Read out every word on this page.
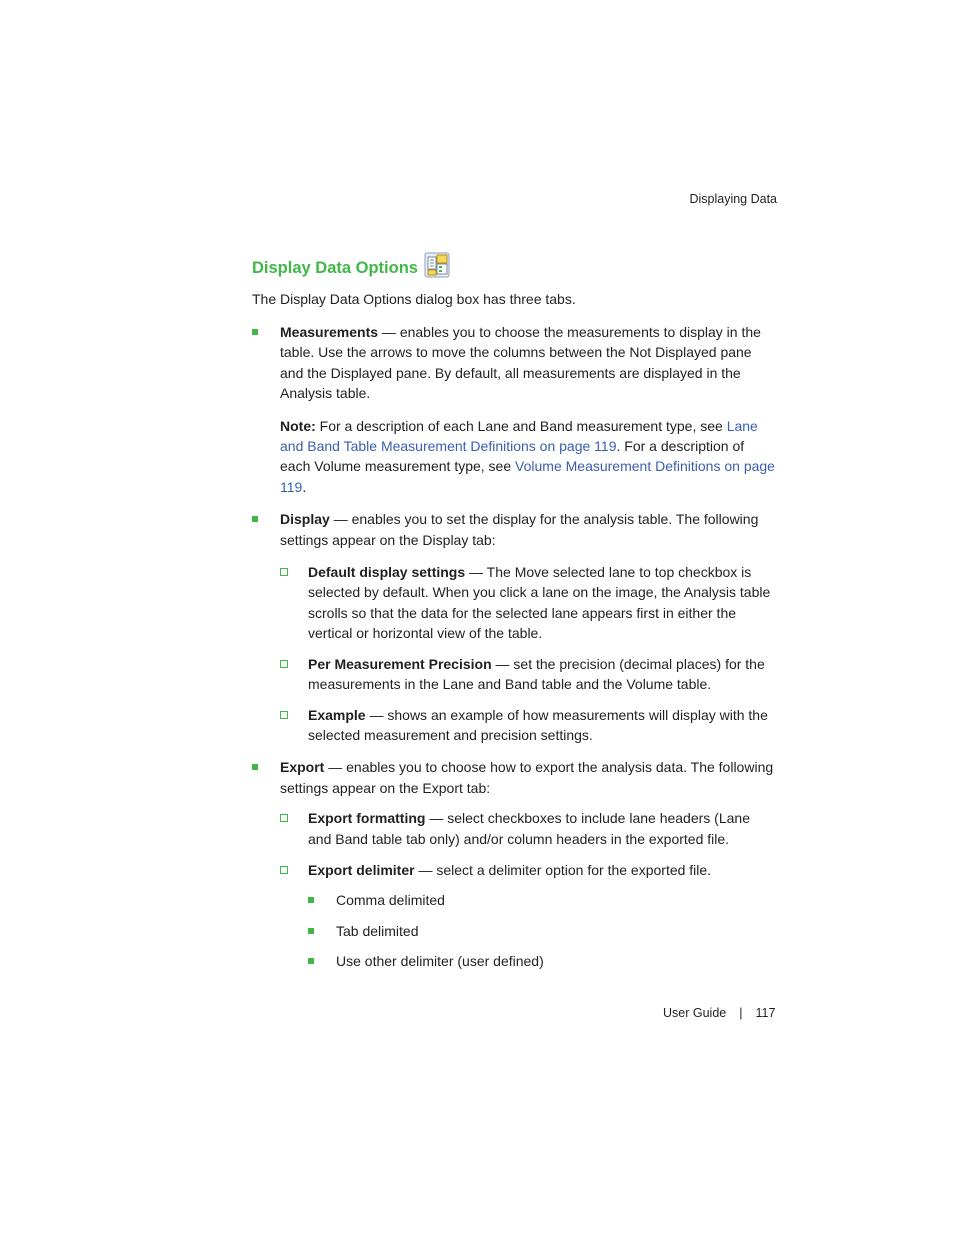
Displaying Data
Display Data Options

The Display Data Options dialog box has three tabs.

Measurements — enables you to choose the measurements to display in the table. Use the arrows to move the columns between the Not Displayed pane and the Displayed pane. By default, all measurements are displayed in the Analysis table.

Note: For a description of each Lane and Band measurement type, see Lane and Band Table Measurement Definitions on page 119. For a description of each Volume measurement type, see Volume Measurement Definitions on page 119.

Display — enables you to set the display for the analysis table. The following settings appear on the Display tab:

Default display settings — The Move selected lane to top checkbox is selected by default. When you click a lane on the image, the Analysis table scrolls so that the data for the selected lane appears first in either the vertical or horizontal view of the table.

Per Measurement Precision — set the precision (decimal places) for the measurements in the Lane and Band table and the Volume table.

Example — shows an example of how measurements will display with the selected measurement and precision settings.

Export — enables you to choose how to export the analysis data. The following settings appear on the Export tab:

Export formatting — select checkboxes to include lane headers (Lane and Band table tab only) and/or column headers in the exported file.

Export delimiter — select a delimiter option for the exported file.

Comma delimited

Tab delimited

Use other delimiter (user defined)

User Guide | 117
